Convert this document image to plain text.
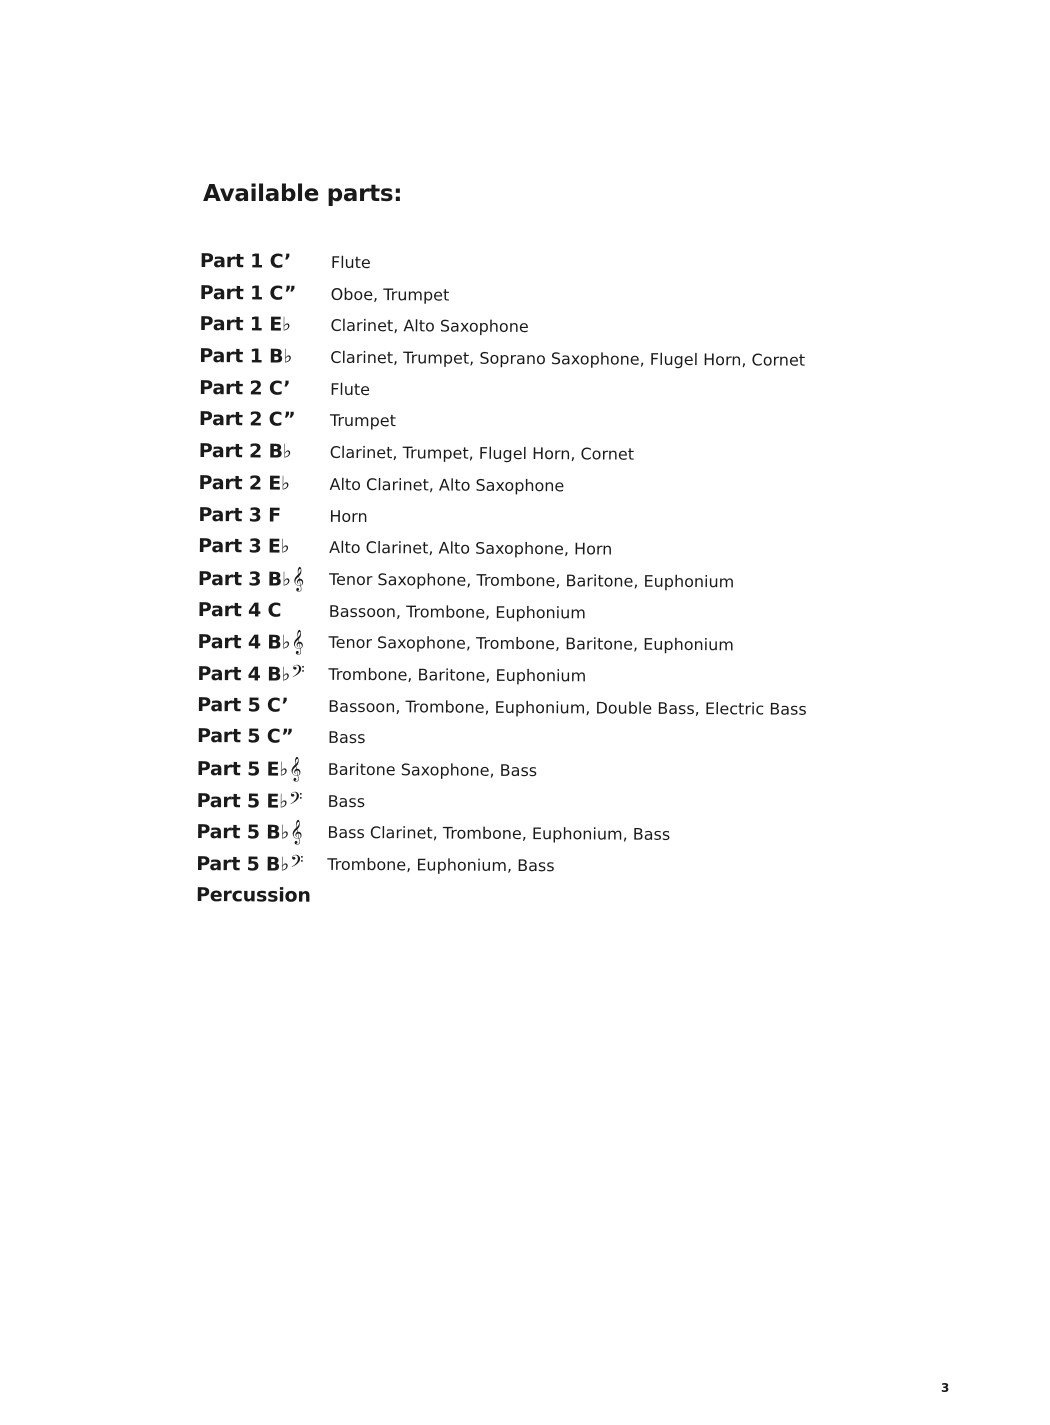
Available parts:
Part 1 C’ Flute
Part 1 C” Oboe, Trumpet
Part 1 E♭ Clarinet, Alto Saxophone
Part 1 B♭ Clarinet, Trumpet, Soprano Saxophone, Flugel Horn, Cornet
Part 2 C’ Flute
Part 2 C” Trumpet
Part 2 B♭ Clarinet, Trumpet, Flugel Horn, Cornet
Part 2 E♭ Alto Clarinet, Alto Saxophone
Part 3 F	Horn
Part 3 E♭ Alto Clarinet, Alto Saxophone, Horn
Part 3 B♭𝄞 Tenor Saxophone, Trombone, Baritone, Euphonium
Part 4 C	Bassoon, Trombone, Euphonium
Part 4 B♭𝄞 Tenor Saxophone, Trombone, Baritone, Euphonium
Part 4 B♭𝄢 Trombone, Baritone, Euphonium
Part 5 C’ Bassoon, Trombone, Euphonium, Double Bass, Electric Bass
Part 5 C” Bass
Part 5 E♭𝄞 Baritone Saxophone, Bass
Part 5 E♭𝄢 Bass
Part 5 B♭𝄞 Bass Clarinet, Trombone, Euphonium, Bass
Part 5 B♭𝄢 Trombone, Euphonium, Bass
Percussion
3
